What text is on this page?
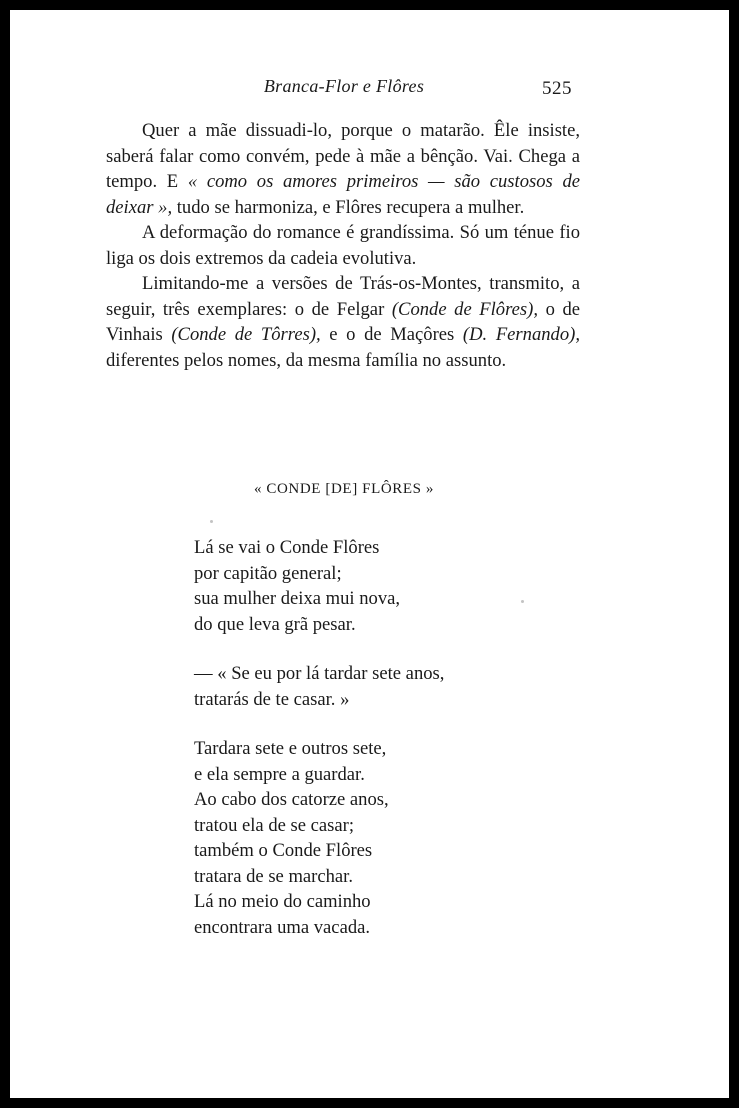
Branca-Flor e Flôres	525

Quer a mãe dissuadi-lo, porque o matarão. Êle insiste, saberá falar como convém, pede à mãe a bênção. Vai. Chega a tempo. E « como os amores primeiros — são custosos de deixar », tudo se harmoniza, e Flôres recupera a mulher.

A deformação do romance é grandíssima. Só um ténue fio liga os dois extremos da cadeia evolutiva.

Limitando-me a versões de Trás-os-Montes, transmito, a seguir, três exemplares: o de Felgar (Conde de Flôres), o de Vinhais (Conde de Tôrres), e o de Maçôres (D. Fernando), diferentes pelos nomes, da mesma família no assunto.

« CONDE [DE] FLÔRES »
Lá se vai o Conde Flôres
por capitão general;
sua mulher deixa mui nova,
do que leva grã pesar.
— « Se eu por lá tardar sete anos,
tratarás de te casar. »
Tardara sete e outros sete,
e ela sempre a guardar.
Ao cabo dos catorze anos,
tratou ela de se casar;
também o Conde Flôres
tratara de se marchar.
Lá no meio do caminho
encontrara uma vacada.
